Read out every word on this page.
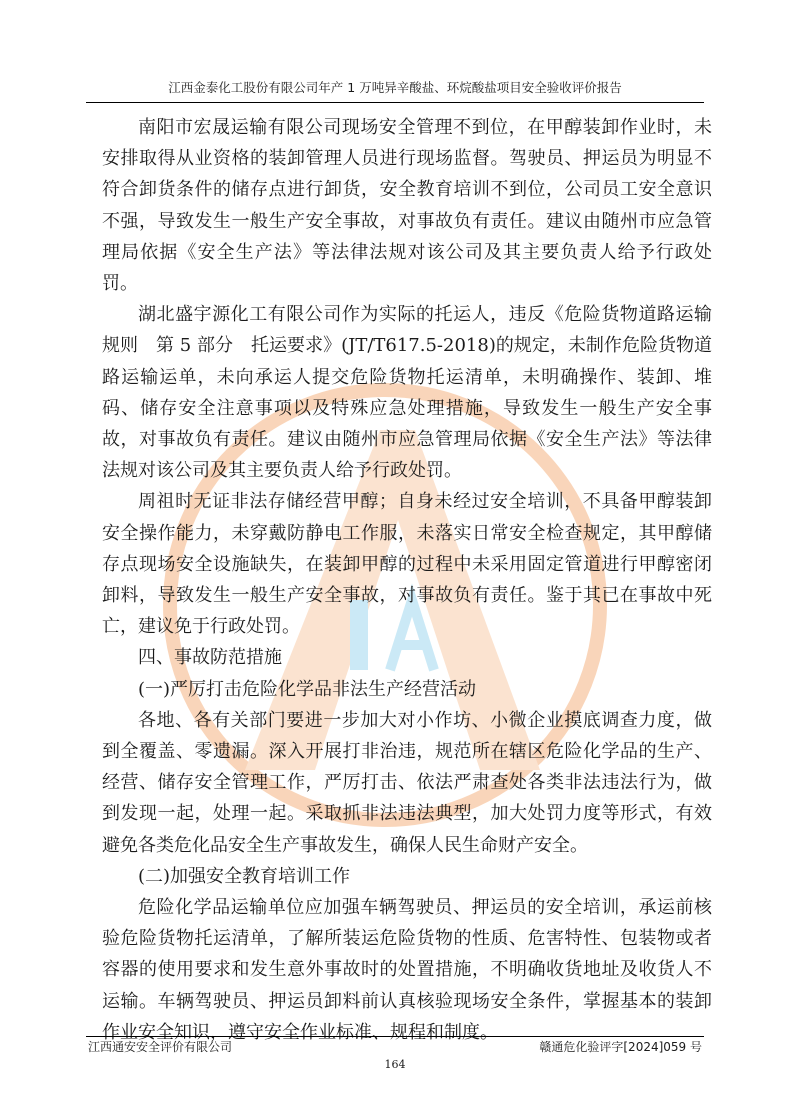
江西金泰化工股份有限公司年产 1 万吨异辛酸盐、环烷酸盐项目安全验收评价报告

南阳市宏晟运输有限公司现场安全管理不到位，在甲醇装卸作业时，未安排取得从业资格的装卸管理人员进行现场监督。驾驶员、押运员为明显不符合卸货条件的储存点进行卸货，安全教育培训不到位，公司员工安全意识不强，导致发生一般生产安全事故，对事故负有责任。建议由随州市应急管理局依据《安全生产法》等法律法规对该公司及其主要负责人给予行政处罚。

湖北盛宇源化工有限公司作为实际的托运人，违反《危险货物道路运输规则　第 5 部分　托运要求》(JT/T617.5-2018)的规定，未制作危险货物道路运输运单，未向承运人提交危险货物托运清单，未明确操作、装卸、堆码、储存安全注意事项以及特殊应急处理措施，导致发生一般生产安全事故，对事故负有责任。建议由随州市应急管理局依据《安全生产法》等法律法规对该公司及其主要负责人给予行政处罚。

周祖时无证非法存储经营甲醇；自身未经过安全培训，不具备甲醇装卸安全操作能力，未穿戴防静电工作服，未落实日常安全检查规定，其甲醇储存点现场安全设施缺失，在装卸甲醇的过程中未采用固定管道进行甲醇密闭卸料，导致发生一般生产安全事故，对事故负有责任。鉴于其已在事故中死亡，建议免于行政处罚。

四、事故防范措施

(一)严厉打击危险化学品非法生产经营活动

各地、各有关部门要进一步加大对小作坊、小微企业摸底调查力度，做到全覆盖、零遗漏。深入开展打非治违，规范所在辖区危险化学品的生产、经营、储存安全管理工作，严厉打击、依法严肃查处各类非法违法行为，做到发现一起，处理一起。采取抓非法违法典型，加大处罚力度等形式，有效避免各类危化品安全生产事故发生，确保人民生命财产安全。

(二)加强安全教育培训工作

危险化学品运输单位应加强车辆驾驶员、押运员的安全培训，承运前核验危险货物托运清单，了解所装运危险货物的性质、危害特性、包装物或者容器的使用要求和发生意外事故时的处置措施，不明确收货地址及收货人不运输。车辆驾驶员、押运员卸料前认真核验现场安全条件，掌握基本的装卸作业安全知识，遵守安全作业标准、规程和制度。

江西通安安全评价有限公司	赣通危化验评字[2024]059 号
164
